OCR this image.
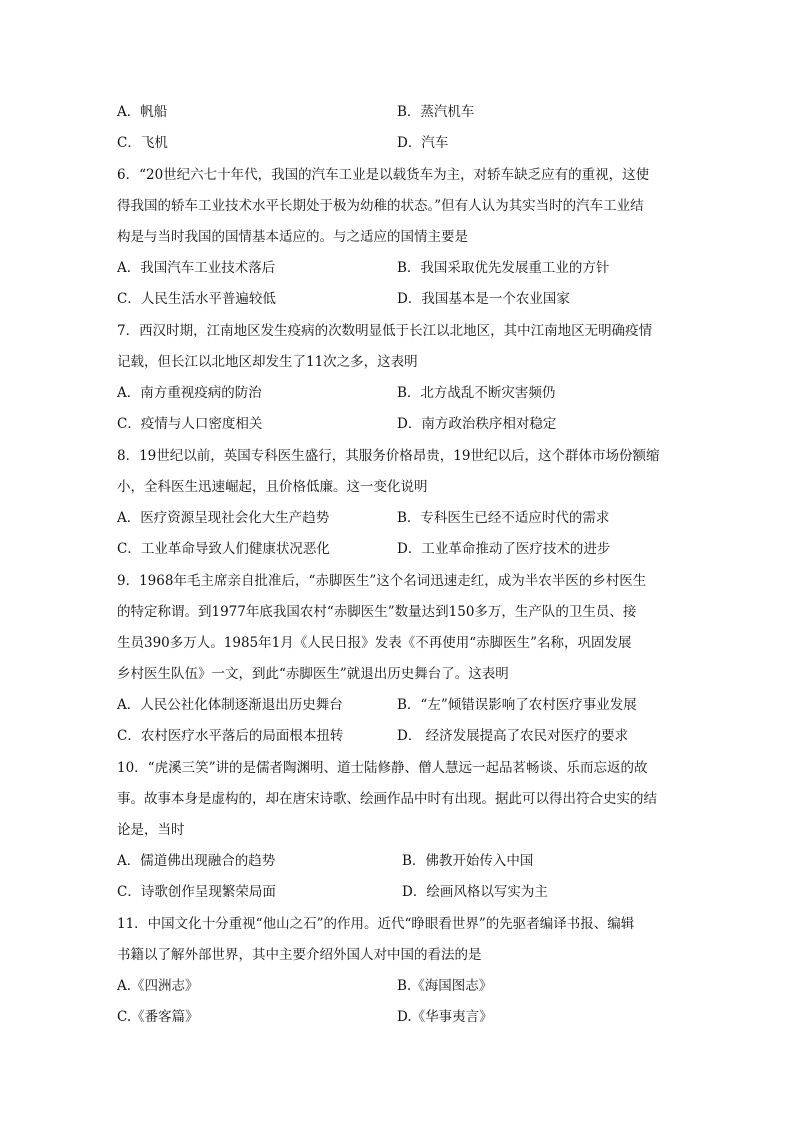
A．帆船	B．蒸汽机车
C．飞机	D．汽车
6．“20世纪六七十年代，我国的汽车工业是以载货车为主，对轿车缺乏应有的重视，这使
得我国的轿车工业技术水平长期处于极为幼稚的状态。”但有人认为其实当时的汽车工业结
构是与当时我国的国情基本适应的。与之适应的国情主要是
A．我国汽车工业技术落后	B．我国采取优先发展重工业的方针
C．人民生活水平普遍较低	D．我国基本是一个农业国家
7．西汉时期，江南地区发生疫病的次数明显低于长江以北地区，其中江南地区无明确疫情
记载，但长江以北地区却发生了11次之多，这表明
A．南方重视疫病的防治	B．北方战乱不断灾害频仍
C．疫情与人口密度相关	D．南方政治秩序相对稳定
8．19世纪以前，英国专科医生盛行，其服务价格昂贵，19世纪以后，这个群体市场份额缩
小，全科医生迅速崛起，且价格低廉。这一变化说明
A．医疗资源呈现社会化大生产趋势	B．专科医生已经不适应时代的需求
C．工业革命导致人们健康状况恶化	D．工业革命推动了医疗技术的进步
9．1968年毛主席亲自批准后，“赤脚医生”这个名词迅速走红，成为半农半医的乡村医生
的特定称谓。到1977年底我国农村“赤脚医生”数量达到150多万，生产队的卫生员、接
生员390多万人。1985年1月《人民日报》发表《不再使用“赤脚医生”名称，巩固发展
乡村医生队伍》一文，到此“赤脚医生”就退出历史舞台了。这表明
A．人民公社化体制逐渐退出历史舞台	B．“左”倾错误影响了农村医疗事业发展
C．农村医疗水平落后的局面根本扭转	D． 经济发展提高了农民对医疗的要求
10．“虎溪三笑”讲的是儒者陶渊明、道士陆修静、僧人慧远一起品茗畅谈、乐而忘返的故
事。故事本身是虚构的，却在唐宋诗歌、绘画作品中时有出现。据此可以得出符合史实的结
论是，当时
A．儒道佛出现融合的趋势	B．佛教开始传入中国
C．诗歌创作呈现繁荣局面	D．绘画风格以写实为主
11．中国文化十分重视“他山之石”的作用。近代“睁眼看世界”的先驱者编译书报、编辑
书籍以了解外部世界，其中主要介绍外国人对中国的看法的是
A.《四洲志》	B.《海国图志》
C.《番客篇》	D.《华事夷言》
